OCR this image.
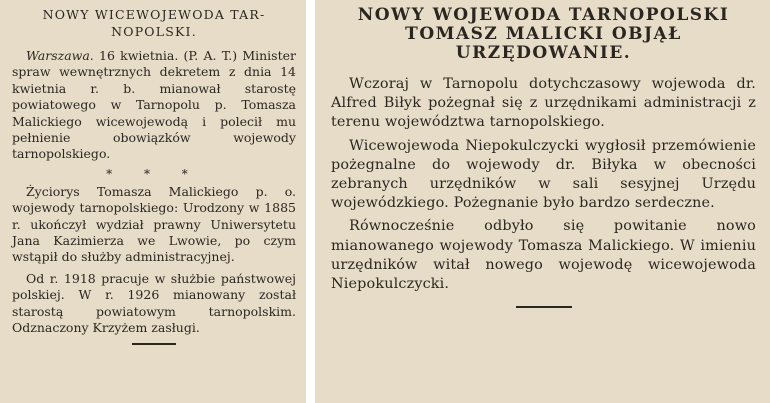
NOWY WICEWOJEWODA TAR-NOPOLSKI.

Warszawa. 16 kwietnia. (P. A. T.) Minister spraw wewnętrznych dekretem z dnia 14 kwietnia r. b. mianował starostę powiatowego w Tarnopolu p. Tomasza Malickiego wicewojewodą i polecił mu pełnienie obowiązków wojewody tarnopolskiego.

* * *

Życiorys Tomasza Malickiego p. o. wojewody tarnopolskiego: Urodzony w 1885 r. ukończył wydział prawny Uniwersytetu Jana Kazimierza we Lwowie, po czym wstąpił do służby administracyjnej.

Od r. 1918 pracuje w służbie państwowej polskiej. W r. 1926 mianowany został starostą powiatowym tarnopolskim. Odznaczony Krzyżem zasługi.

NOWY WOJEWODA TARNOPOLSKI TOMASZ MALICKI OBJĄŁ URZĘDOWANIE.

Wczoraj w Tarnopolu dotychczasowy wojewoda dr. Alfred Biłyk pożegnał się z urzędnikami administracji z terenu województwa tarnopolskiego.

Wicewojewoda Niepokulczycki wygłosił przemówienie pożegnalne do wojewody dr. Biłyka w obecności zebranych urzędników w sali sesyjnej Urzędu wojewódzkiego. Pożegnanie było bardzo serdeczne.

Równocześnie odbyło się powitanie nowo mianowanego wojewody Tomasza Malickiego. W imieniu urzędników witał nowego wojewodę wicewojewoda Niepokulczycki.
